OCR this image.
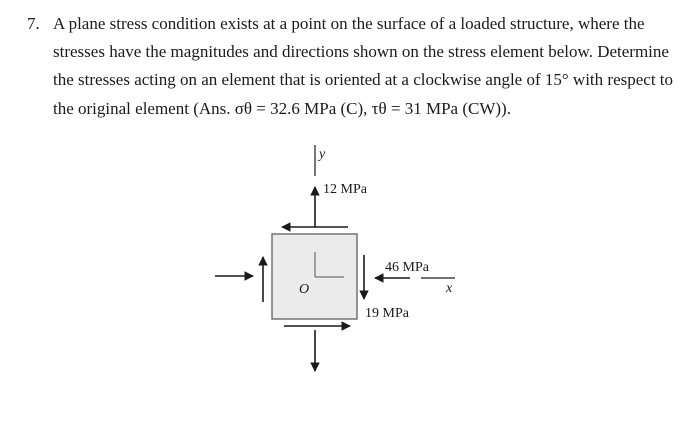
7. A plane stress condition exists at a point on the surface of a loaded structure, where the
stresses have the magnitudes and directions shown on the stress element below. Determine
the stresses acting on an element that is oriented at a clockwise angle of 15° with respect to
the original element (Ans. σθ = 32.6 MPa (C), τθ = 31 MPa (CW)).
y
12 MPa
O
46 MPa
x
19 MPa
